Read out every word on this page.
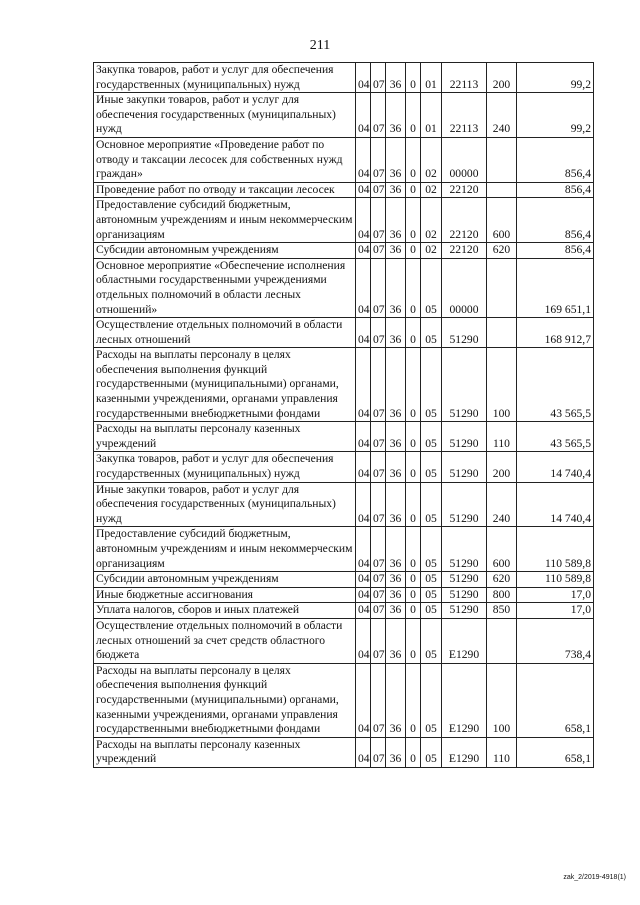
211
Закупка товаров, работ и услуг для обеспечения государственных (муниципальных) нужд	04	07	36	0	01	22113	200	99,2
Иные закупки товаров, работ и услуг для обеспечения государственных (муниципальных) нужд	04	07	36	0	01	22113	240	99,2
Основное мероприятие «Проведение работ по отводу и таксации лесосек для собственных нужд граждан»	04	07	36	0	02	00000		856,4
Проведение работ по отводу и таксации лесосек	04	07	36	0	02	22120		856,4
Предоставление субсидий бюджетным, автономным учреждениям и иным некоммерческим организациям	04	07	36	0	02	22120	600	856,4
Субсидии автономным учреждениям	04	07	36	0	02	22120	620	856,4
Основное мероприятие «Обеспечение исполнения областными государственными учреждениями отдельных полномочий в области лесных отношений»	04	07	36	0	05	00000		169 651,1
Осуществление отдельных полномочий в области лесных отношений	04	07	36	0	05	51290		168 912,7
Расходы на выплаты персоналу в целях обеспечения выполнения функций государственными (муниципальными) органами, казенными учреждениями, органами управления государственными внебюджетными фондами	04	07	36	0	05	51290	100	43 565,5
Расходы на выплаты персоналу казенных учреждений	04	07	36	0	05	51290	110	43 565,5
Закупка товаров, работ и услуг для обеспечения государственных (муниципальных) нужд	04	07	36	0	05	51290	200	14 740,4
Иные закупки товаров, работ и услуг для обеспечения государственных (муниципальных) нужд	04	07	36	0	05	51290	240	14 740,4
Предоставление субсидий бюджетным, автономным учреждениям и иным некоммерческим организациям	04	07	36	0	05	51290	600	110 589,8
Субсидии автономным учреждениям	04	07	36	0	05	51290	620	110 589,8
Иные бюджетные ассигнования	04	07	36	0	05	51290	800	17,0
Уплата налогов, сборов и иных платежей	04	07	36	0	05	51290	850	17,0
Осуществление отдельных полномочий в области лесных отношений за счет средств областного бюджета	04	07	36	0	05	E1290		738,4
Расходы на выплаты персоналу в целях обеспечения выполнения функций государственными (муниципальными) органами, казенными учреждениями, органами управления государственными внебюджетными фондами	04	07	36	0	05	E1290	100	658,1
Расходы на выплаты персоналу казенных учреждений	04	07	36	0	05	E1290	110	658,1
zak_2/2019-4918(1)
